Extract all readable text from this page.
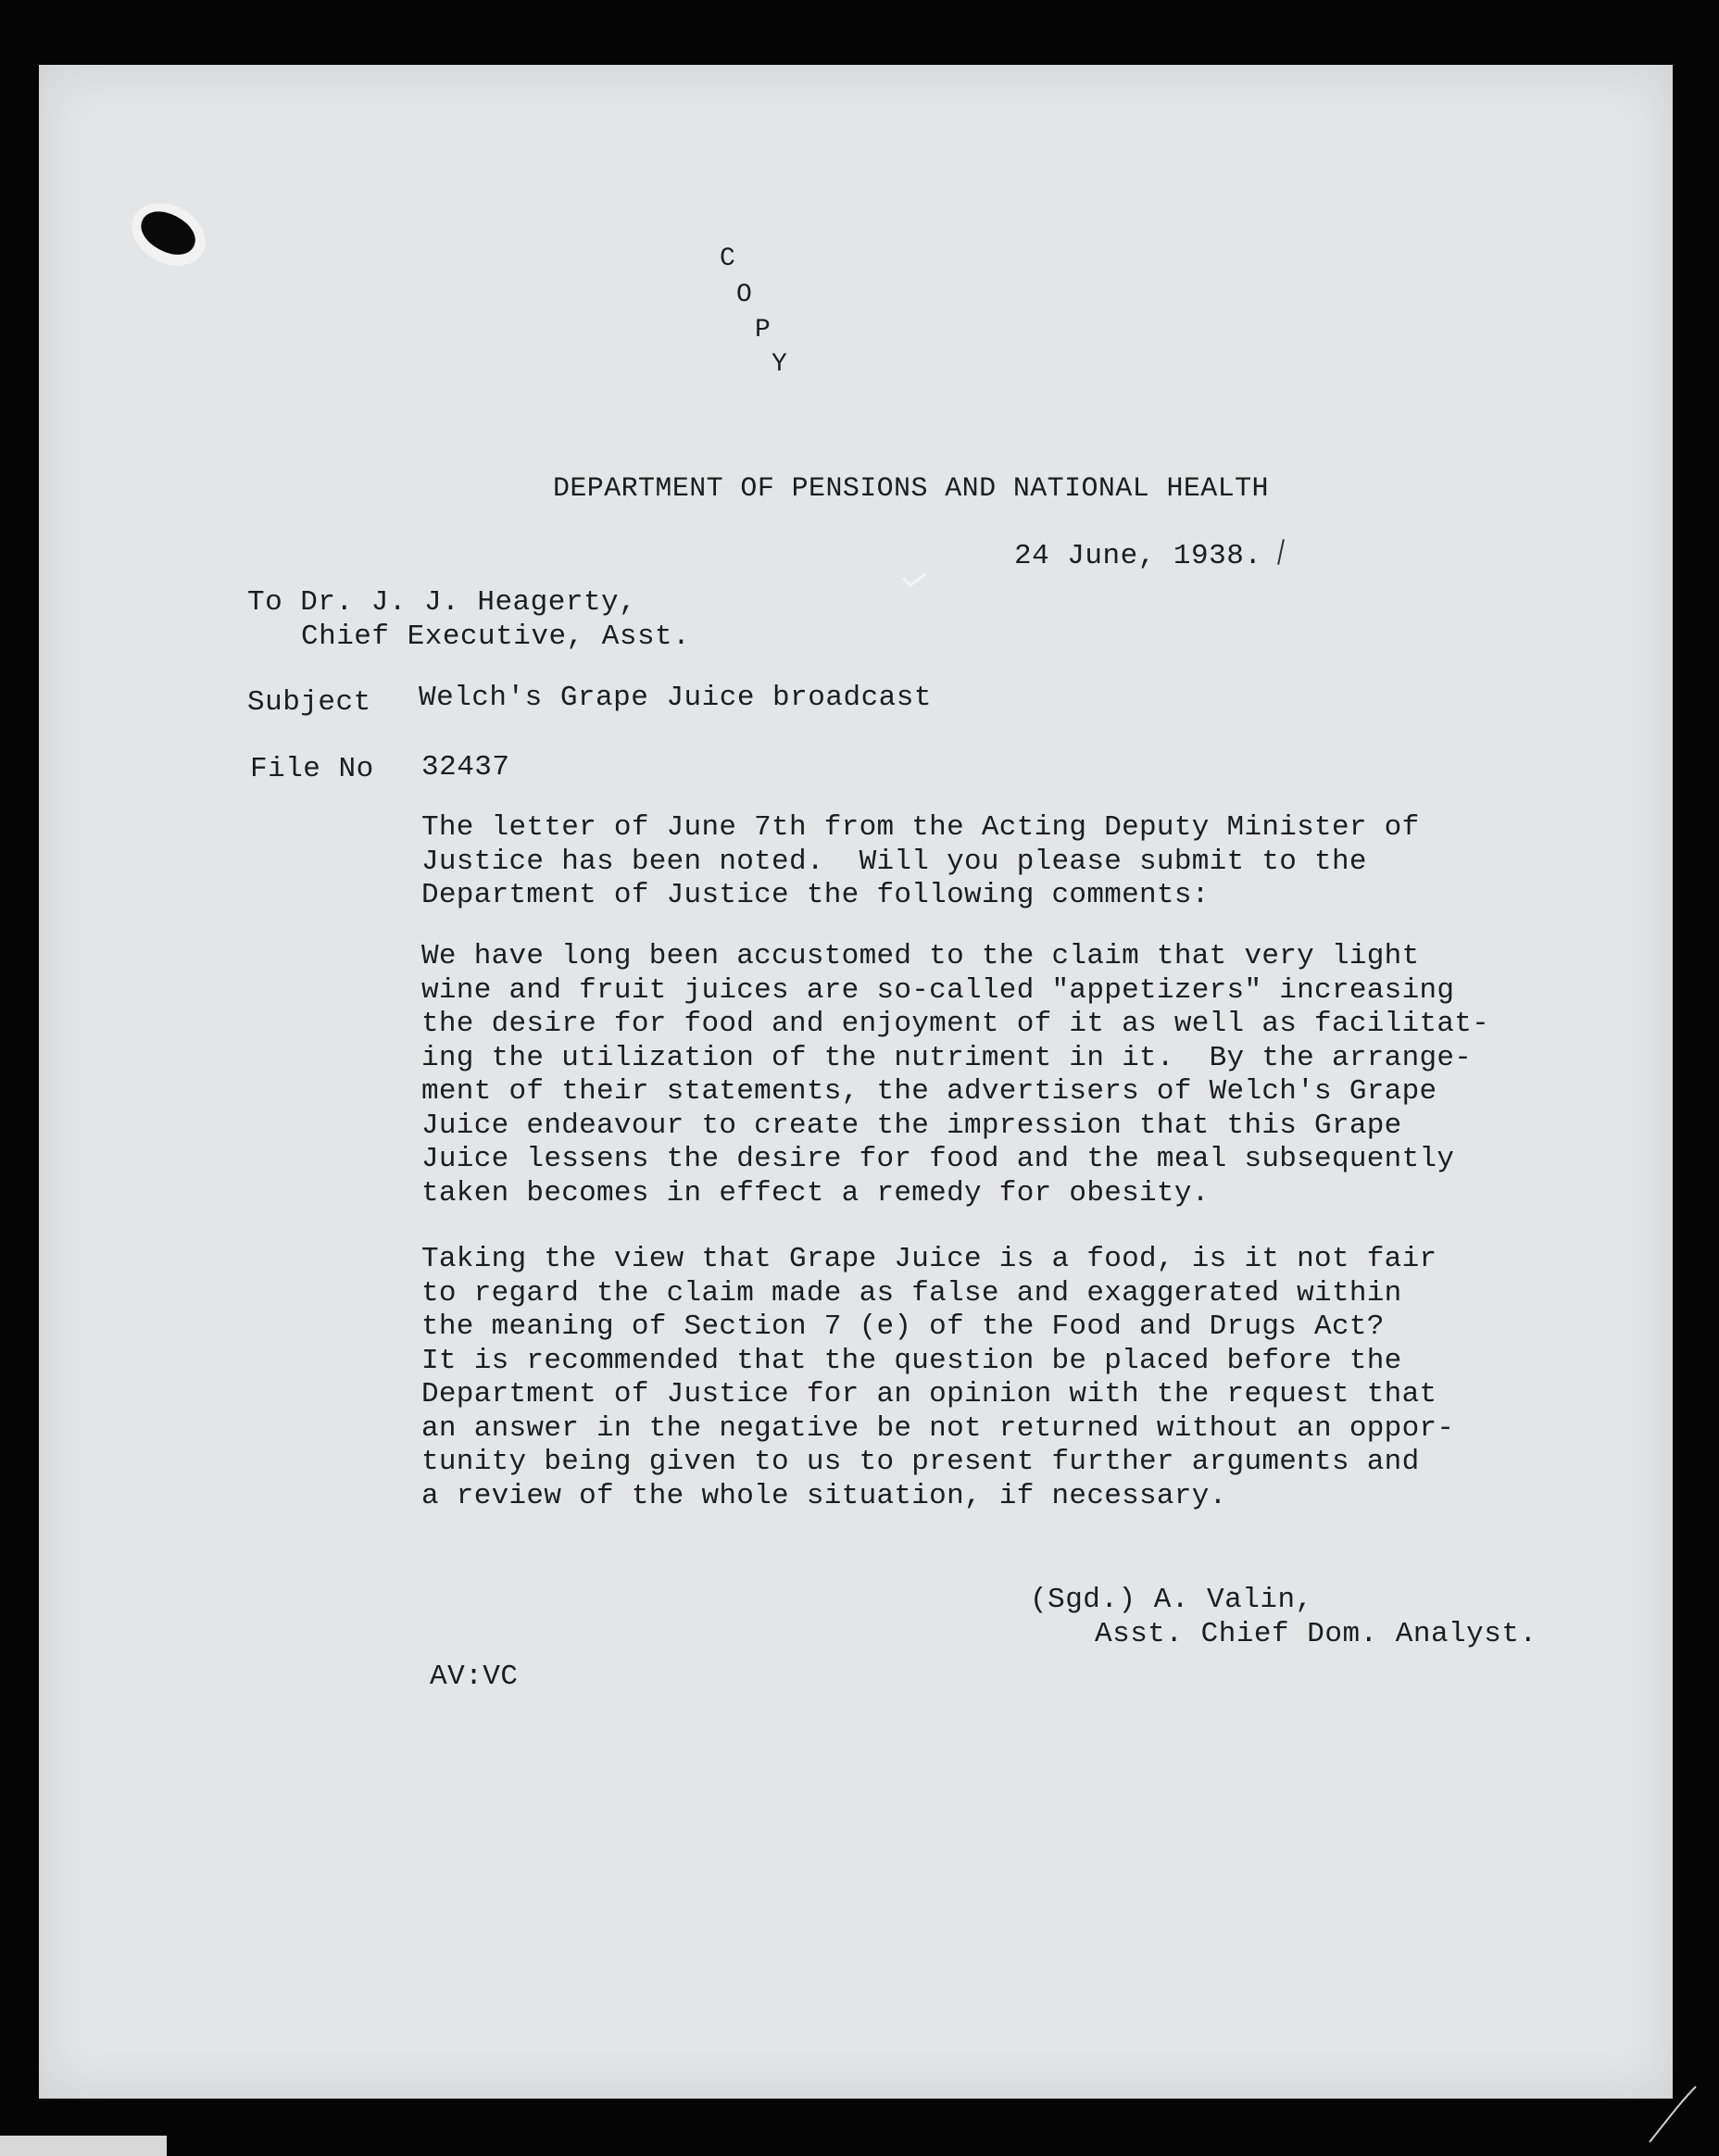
C
O
P
Y
DEPARTMENT OF PENSIONS AND NATIONAL HEALTH
24 June, 1938.
To Dr. J. J. Heagerty,
Chief Executive, Asst.
Subject Welch's Grape Juice broadcast
File No 32437
The letter of June 7th from the Acting Deputy Minister of
Justice has been noted.  Will you please submit to the
Department of Justice the following comments:
We have long been accustomed to the claim that very light
wine and fruit juices are so-called "appetizers" increasing
the desire for food and enjoyment of it as well as facilitat-
ing the utilization of the nutriment in it.  By the arrange-
ment of their statements, the advertisers of Welch's Grape
Juice endeavour to create the impression that this Grape
Juice lessens the desire for food and the meal subsequently
taken becomes in effect a remedy for obesity.
Taking the view that Grape Juice is a food, is it not fair
to regard the claim made as false and exaggerated within
the meaning of Section 7 (e) of the Food and Drugs Act?
It is recommended that the question be placed before the
Department of Justice for an opinion with the request that
an answer in the negative be not returned without an oppor-
tunity being given to us to present further arguments and
a review of the whole situation, if necessary.
(Sgd.) A. Valin,
Asst. Chief Dom. Analyst.
AV:VC
